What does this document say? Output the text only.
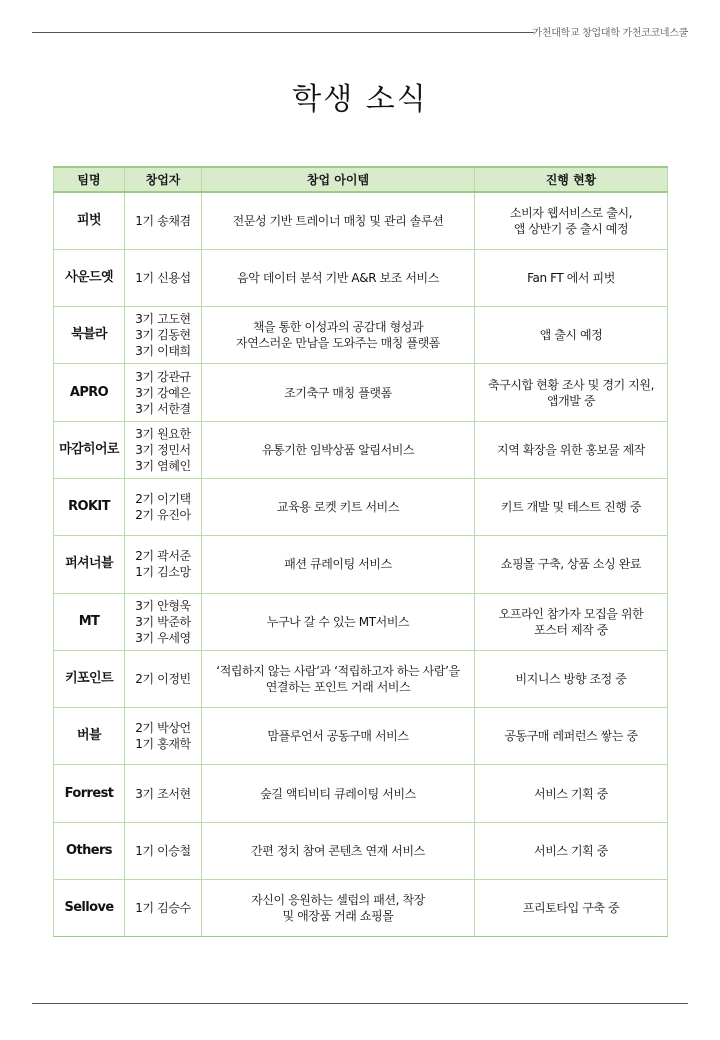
가천대학교 창업대학 가천코코네스쿨
학생 소식
팀명	창업자	창업 아이템	진행 현황
피벗	1기 송채겸	전문성 기반 트레이너 매칭 및 관리 솔루션	소비자 웹서비스로 출시,
앱 상반기 중 출시 예정

사운드옛	1기 신용섭	음악 데이터 분석 기반 A&R 보조 서비스	Fan FT 에서 피벗

북블라	3기 고도현
3기 김동현
3기 이태희	책을 통한 이성과의 공감대 형성과
자연스러운 만남을 도와주는 매칭 플랫폼	앱 출시 예정

APRO	3기 강관규
3기 강예은
3기 서한결	조기축구 매칭 플랫폼	축구시합 현황 조사 및 경기 지원,
앱개발 중

마감히어로	3기 원요한
3기 정민서
3기 염혜인	유통기한 임박상품 알림서비스	지역 확장을 위한 홍보물 제작

ROKIT	2기 이기택
2기 유진아	교육용 로켓 키트 서비스	키트 개발 및 테스트 진행 중

퍼셔너블	2기 곽서준
1기 김소망	패션 큐레이팅 서비스	쇼핑몰 구축, 상품 소싱 완료

MT	3기 안형욱
3기 박준하
3기 우세영	누구나 갈 수 있는 MT서비스	오프라인 참가자 모집을 위한
포스터 제작 중

키포인트	2기 이정빈	‘적립하지 않는 사람’과 ‘적립하고자 하는 사람’을
연결하는 포인트 거래 서비스	비지니스 방향 조정 중

버블	2기 박상언
1기 홍재학	맘플루언서 공동구매 서비스	공동구매 레퍼런스 쌓는 중

Forrest	3기 조서현	숲길 액티비티 큐레이팅 서비스	서비스 기획 중

Others	1기 이승철	간편 정치 참여 콘텐츠 연재 서비스	서비스 기획 중

Sellove	1기 김승수	자신이 응원하는 셀럽의 패션, 착장
및 애장품 거래 쇼핑몰	프리토타입 구축 중
